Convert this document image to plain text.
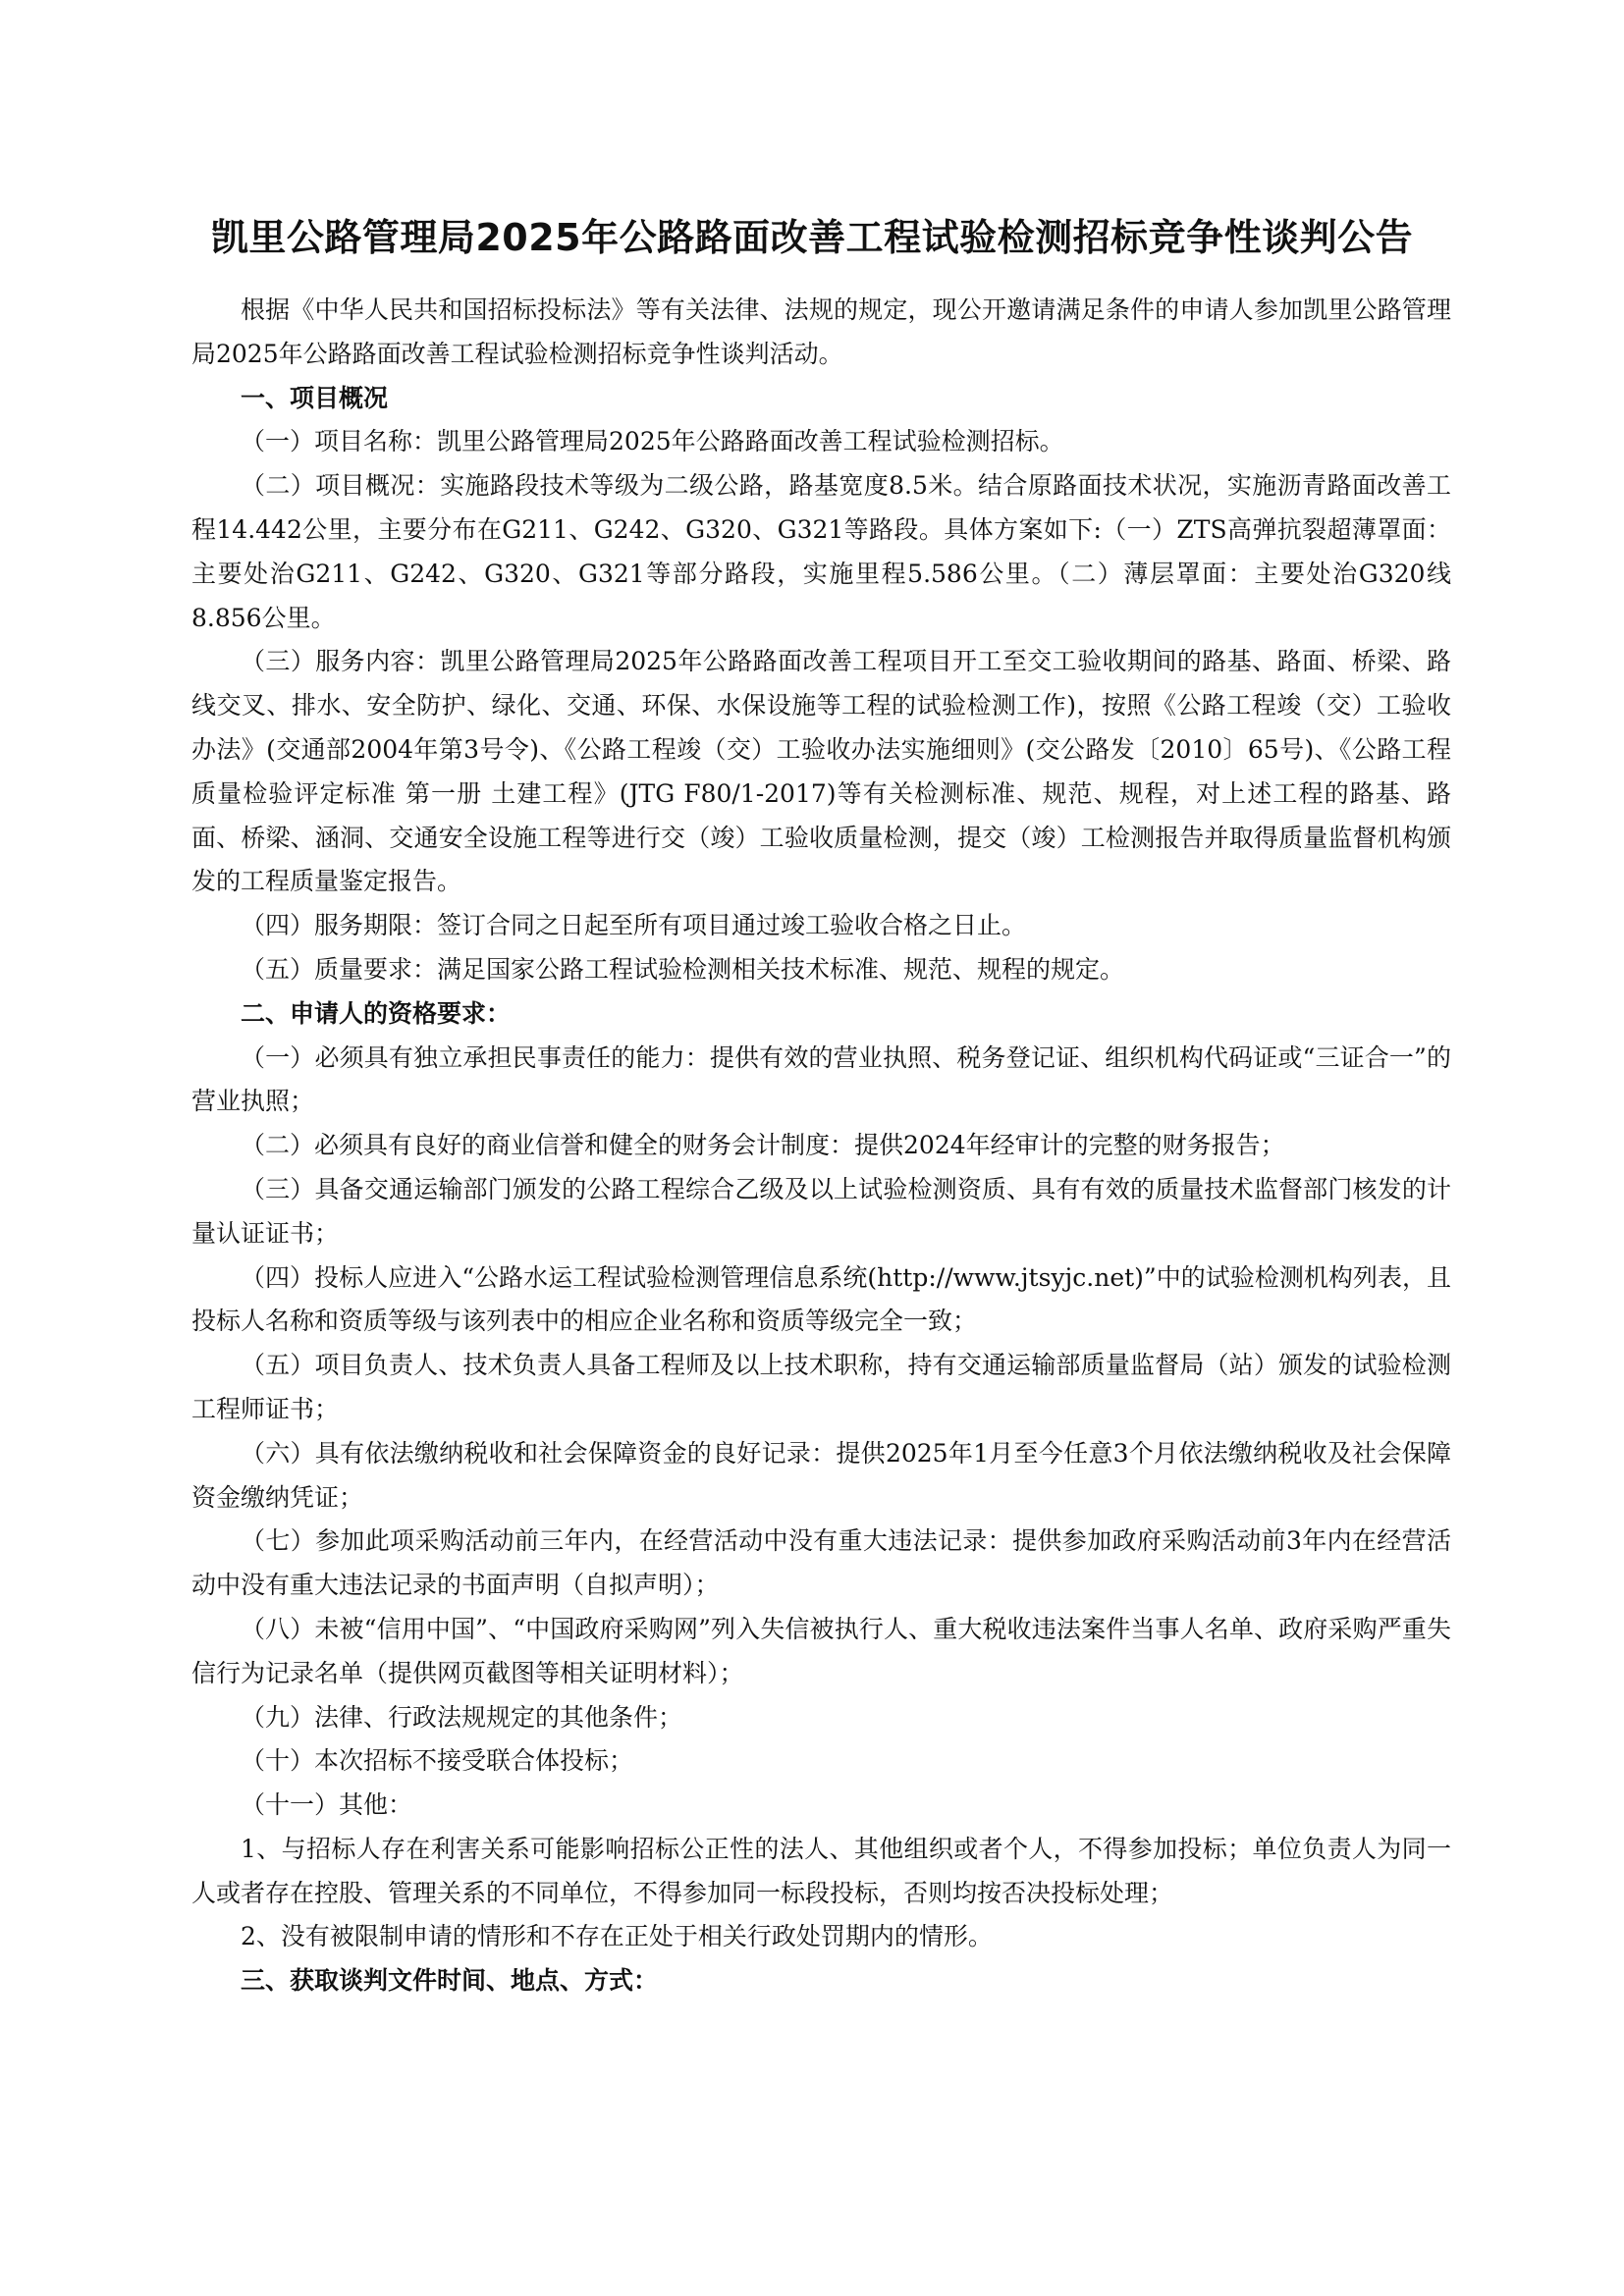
凯里公路管理局2025年公路路面改善工程试验检测招标竞争性谈判公告

根据《中华人民共和国招标投标法》等有关法律、法规的规定，现公开邀请满足条件的申请人参加凯里公路管理局2025年公路路面改善工程试验检测招标竞争性谈判活动。

一、项目概况

（一）项目名称：凯里公路管理局2025年公路路面改善工程试验检测招标。

（二）项目概况：实施路段技术等级为二级公路，路基宽度8.5米。结合原路面技术状况，实施沥青路面改善工程14.442公里，主要分布在G211、G242、G320、G321等路段。具体方案如下:（一）ZTS高弹抗裂超薄罩面：主要处治G211、G242、G320、G321等部分路段，实施里程5.586公里。（二）薄层罩面：主要处治G320线8.856公里。

（三）服务内容：凯里公路管理局2025年公路路面改善工程项目开工至交工验收期间的路基、路面、桥梁、路线交叉、排水、安全防护、绿化、交通、环保、水保设施等工程的试验检测工作)，按照《公路工程竣（交）工验收办法》(交通部2004年第3号令)、《公路工程竣（交）工验收办法实施细则》(交公路发〔2010〕65号)、《公路工程质量检验评定标准 第一册 土建工程》(JTG F80/1-2017)等有关检测标准、规范、规程，对上述工程的路基、路面、桥梁、涵洞、交通安全设施工程等进行交（竣）工验收质量检测，提交（竣）工检测报告并取得质量监督机构颁发的工程质量鉴定报告。

（四）服务期限：签订合同之日起至所有项目通过竣工验收合格之日止。

（五）质量要求：满足国家公路工程试验检测相关技术标准、规范、规程的规定。

二、申请人的资格要求：

（一）必须具有独立承担民事责任的能力：提供有效的营业执照、税务登记证、组织机构代码证或“三证合一”的营业执照；

（二）必须具有良好的商业信誉和健全的财务会计制度：提供2024年经审计的完整的财务报告；

（三）具备交通运输部门颁发的公路工程综合乙级及以上试验检测资质、具有有效的质量技术监督部门核发的计量认证证书；

（四）投标人应进入“公路水运工程试验检测管理信息系统(http://www.jtsyjc.net)”中的试验检测机构列表，且投标人名称和资质等级与该列表中的相应企业名称和资质等级完全一致；

（五）项目负责人、技术负责人具备工程师及以上技术职称，持有交通运输部质量监督局（站）颁发的试验检测工程师证书；

（六）具有依法缴纳税收和社会保障资金的良好记录：提供2025年1月至今任意3个月依法缴纳税收及社会保障资金缴纳凭证；

（七）参加此项采购活动前三年内，在经营活动中没有重大违法记录：提供参加政府采购活动前3年内在经营活动中没有重大违法记录的书面声明（自拟声明）；

（八）未被“信用中国”、“中国政府采购网”列入失信被执行人、重大税收违法案件当事人名单、政府采购严重失信行为记录名单（提供网页截图等相关证明材料）；

（九）法律、行政法规规定的其他条件；

（十）本次招标不接受联合体投标；

（十一）其他：

1、与招标人存在利害关系可能影响招标公正性的法人、其他组织或者个人，不得参加投标；单位负责人为同一人或者存在控股、管理关系的不同单位，不得参加同一标段投标，否则均按否决投标处理；

2、没有被限制申请的情形和不存在正处于相关行政处罚期内的情形。

三、获取谈判文件时间、地点、方式：
